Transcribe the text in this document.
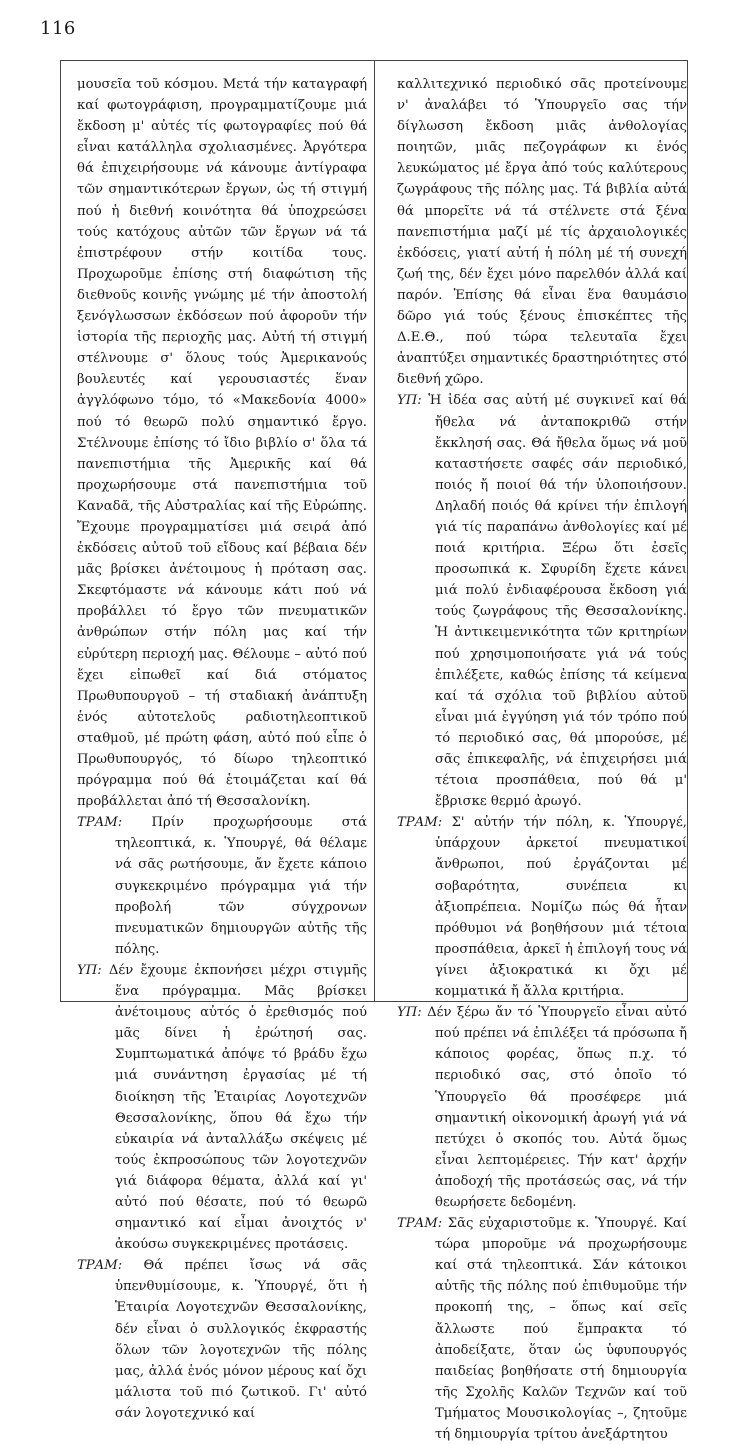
116

μουσεῖα τοῦ κόσμου. Μετά τήν καταγραφή καί φωτογράφιση, προγραμματίζουμε μιά ἔκδοση μ' αὐτές τίς φωτογραφίες πού θά εἶναι κατάλληλα σχολιασμένες. Ἀργότερα θά ἐπιχειρήσουμε νά κάνουμε ἀντίγραφα τῶν σημαντικότερων ἔργων, ὡς τή στιγμή πού ἡ διεθνή κοινότητα θά ὑποχρεώσει τούς κατόχους αὐτῶν τῶν ἔργων νά τά ἐπιστρέφουν στήν κοιτίδα τους. Προχωροῦμε ἐπίσης στή διαφώτιση τῆς διεθνοῦς κοινῆς γνώμης μέ τήν ἀποστολή ξενόγλωσσων ἐκδόσεων πού ἀφοροῦν τήν ἱστορία τῆς περιοχῆς μας. Αὐτή τή στιγμή στέλνουμε σ' ὅλους τούς Ἀμερικανούς βουλευτές καί γερουσιαστές ἕναν ἀγγλόφωνο τόμο, τό «Μακεδονία 4000» πού τό θεωρῶ πολύ σημαντικό ἔργο. Στέλνουμε ἐπίσης τό ἴδιο βιβλίο σ' ὅλα τά πανεπιστήμια τῆς Ἀμερικῆς καί θά προχωρήσουμε στά πανεπιστήμια τοῦ Καναδᾶ, τῆς Αὐστραλίας καί τῆς Εὐρώπης. Ἔχουμε προγραμματίσει μιά σειρά ἀπό ἐκδόσεις αὐτοῦ τοῦ εἴδους καί βέβαια δέν μᾶς βρίσκει ἀνέτοιμους ἡ πρόταση σας. Σκεφτόμαστε νά κάνουμε κάτι πού νά προβάλλει τό ἔργο τῶν πνευματικῶν ἀνθρώπων στήν πόλη μας καί τήν εὐρύτερη περιοχή μας. Θέλουμε – αὐτό πού ἔχει εἰπωθεῖ καί διά στόματος Πρωθυπουργοῦ – τή σταδιακή ἀνάπτυξη ἑνός αὐτοτελοῦς ραδιοτηλεοπτικοῦ σταθμοῦ, μέ πρώτη φάση, αὐτό πού εἶπε ὁ Πρωθυπουργός, τό δίωρο τηλεοπτικό πρόγραμμα πού θά ἑτοιμάζεται καί θά προβάλλεται ἀπό τή Θεσσαλονίκη.

ΤΡΑΜ: Πρίν προχωρήσουμε στά τηλεοπτικά, κ. Ὑπουργέ, θά θέλαμε νά σᾶς ρωτήσουμε, ἄν ἔχετε κάποιο συγκεκριμένο πρόγραμμα γιά τήν προβολή τῶν σύγχρονων πνευματικῶν δημιουργῶν αὐτῆς τῆς πόλης.

ΥΠ: Δέν ἔχουμε ἐκπονήσει μέχρι στιγμῆς ἕνα πρόγραμμα. Μᾶς βρίσκει ἀνέτοιμους αὐτός ὁ ἐρεθισμός πού μᾶς δίνει ἡ ἐρώτησή σας. Συμπτωματικά ἀπόψε τό βράδυ ἔχω μιά συνάντηση ἐργασίας μέ τή διοίκηση τῆς Ἑταιρίας Λογοτεχνῶν Θεσσαλονίκης, ὅπου θά ἔχω τήν εὐκαιρία νά ἀνταλλάξω σκέψεις μέ τούς ἐκπροσώπους τῶν λογοτεχνῶν γιά διάφορα θέματα, ἀλλά καί γι' αὐτό πού θέσατε, πού τό θεωρῶ σημαντικό καί εἶμαι ἀνοιχτός ν' ἀκούσω συγκεκριμένες προτάσεις.

ΤΡΑΜ: Θά πρέπει ἴσως νά σᾶς ὑπενθυμίσουμε, κ. Ὑπουργέ, ὅτι ἡ Ἑταιρία Λογοτεχνῶν Θεσσαλονίκης, δέν εἶναι ὁ συλλογικός ἐκφραστής ὅλων τῶν λογοτεχνῶν τῆς πόλης μας, ἀλλά ἑνός μόνον μέρους καί ὄχι μάλιστα τοῦ πιό ζωτικοῦ. Γι' αὐτό σάν λογοτεχνικό καί

καλλιτεχνικό περιοδικό σᾶς προτείνουμε ν' ἀναλάβει τό Ὑπουργεῖο σας τήν δίγλωσση ἔκδοση μιᾶς ἀνθολογίας ποιητῶν, μιᾶς πεζογράφων κι ἑνός λευκώματος μέ ἔργα ἀπό τούς καλύτερους ζωγράφους τῆς πόλης μας. Τά βιβλία αὐτά θά μπορεῖτε νά τά στέλνετε στά ξένα πανεπιστήμια μαζί μέ τίς ἀρχαιολογικές ἐκδόσεις, γιατί αὐτή ἡ πόλη μέ τή συνεχή ζωή της, δέν ἔχει μόνο παρελθόν ἀλλά καί παρόν. Ἐπίσης θά εἶναι ἕνα θαυμάσιο δῶρο γιά τούς ξένους ἐπισκέπτες τῆς Δ.Ε.Θ., πού τώρα τελευταῖα ἔχει ἀναπτύξει σημαντικές δραστηριότητες στό διεθνή χῶρο.

ΥΠ: Ἡ ἰδέα σας αὐτή μέ συγκινεῖ καί θά ἤθελα νά ἀνταποκριθῶ στήν ἔκκλησή σας. Θά ἤθελα ὅμως νά μοῦ καταστήσετε σαφές σάν περιοδικό, ποιός ἤ ποιοί θά τήν ὑλοποιήσουν. Δηλαδή ποιός θά κρίνει τήν ἐπιλογή γιά τίς παραπάνω ἀνθολογίες καί μέ ποιά κριτήρια. Ξέρω ὅτι ἐσεῖς προσωπικά κ. Σφυρίδη ἔχετε κάνει μιά πολύ ἐνδιαφέρουσα ἔκδοση γιά τούς ζωγράφους τῆς Θεσσαλονίκης. Ἡ ἀντικειμενικότητα τῶν κριτηρίων πού χρησιμοποιήσατε γιά νά τούς ἐπιλέξετε, καθώς ἐπίσης τά κείμενα καί τά σχόλια τοῦ βιβλίου αὐτοῦ εἶναι μιά ἐγγύηση γιά τόν τρόπο πού τό περιοδικό σας, θά μπορούσε, μέ σᾶς ἐπικεφαλῆς, νά ἐπιχειρήσει μιά τέτοια προσπάθεια, πού θά μ' ἔβρισκε θερμό ἀρωγό.

ΤΡΑΜ: Σ' αὐτήν τήν πόλη, κ. Ὑπουργέ, ὑπάρχουν ἀρκετοί πνευματικοί ἄνθρωποι, πού ἐργάζονται μέ σοβαρότητα, συνέπεια κι ἀξιοπρέπεια. Νομίζω πώς θά ἦταν πρόθυμοι νά βοηθήσουν μιά τέτοια προσπάθεια, ἀρκεῖ ἡ ἐπιλογή τους νά γίνει ἀξιοκρατικά κι ὄχι μέ κομματικά ἤ ἄλλα κριτήρια.

ΥΠ: Δέν ξέρω ἄν τό Ὑπουργεῖο εἶναι αὐτό πού πρέπει νά ἐπιλέξει τά πρόσωπα ἤ κάποιος φορέας, ὅπως π.χ. τό περιοδικό σας, στό ὁποῖο τό Ὑπουργεῖο θά προσέφερε μιά σημαντική οἰκονομική ἀρωγή γιά νά πετύχει ὁ σκοπός του. Αὐτά ὅμως εἶναι λεπτομέρειες. Τήν κατ' ἀρχήν ἀποδοχή τῆς προτάσεώς σας, νά τήν θεωρήσετε δεδομένη.

ΤΡΑΜ: Σᾶς εὐχαριστοῦμε κ. Ὑπουργέ. Καί τώρα μποροῦμε νά προχωρήσουμε καί στά τηλεοπτικά. Σάν κάτοικοι αὐτῆς τῆς πόλης πού ἐπιθυμοῦμε τήν προκοπή της, – ὅπως καί σεῖς ἄλλωστε πού ἔμπρακτα τό ἀποδείξατε, ὅταν ὡς ὑφυπουργός παιδείας βοηθήσατε στή δημιουργία τῆς Σχολῆς Καλῶν Τεχνῶν καί τοῦ Τμήματος Μουσικολογίας –, ζητοῦμε τή δημιουργία τρίτου ἀνεξάρτητου
